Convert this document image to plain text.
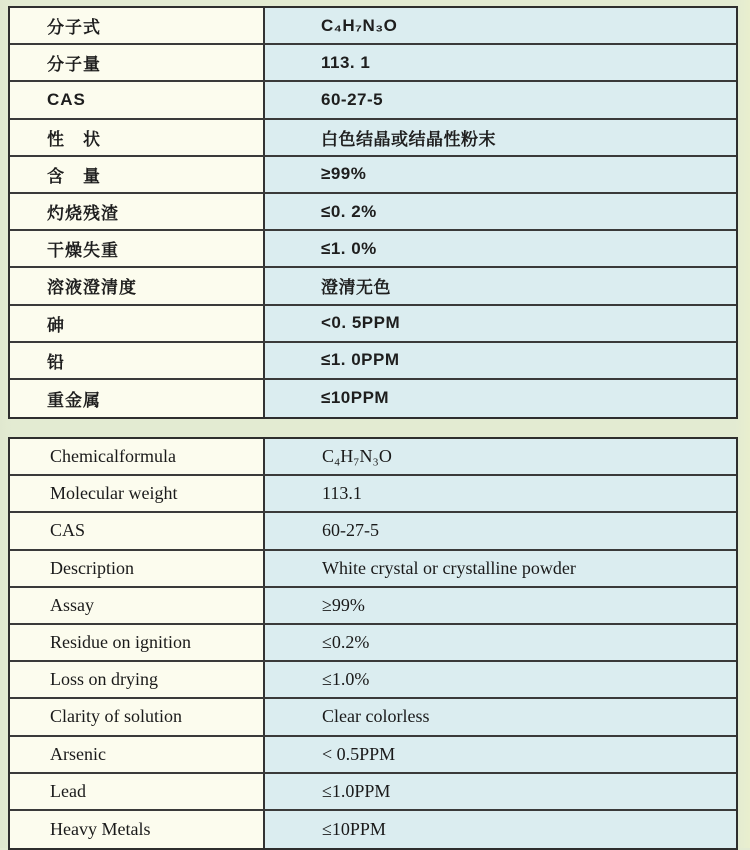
分子式	C₄H₇N₃O
分子量	113. 1
CAS	60-27-5
性　状	白色结晶或结晶性粉末
含　量	≥99%
灼烧残渣	≤0. 2%
干燥失重	≤1. 0%
溶液澄清度	澄清无色
砷	<0. 5PPM
铅	≤1. 0PPM
重金属	≤10PPM
Chemicalformula	C₄H₇N₃O
Molecular weight	113.1
CAS	60-27-5
Description	White crystal or crystalline powder
Assay	≥99%
Residue on ignition	≤0.2%
Loss on drying	≤1.0%
Clarity of solution	Clear colorless
Arsenic	< 0.5PPM
Lead	≤1.0PPM
Heavy Metals	≤10PPM
